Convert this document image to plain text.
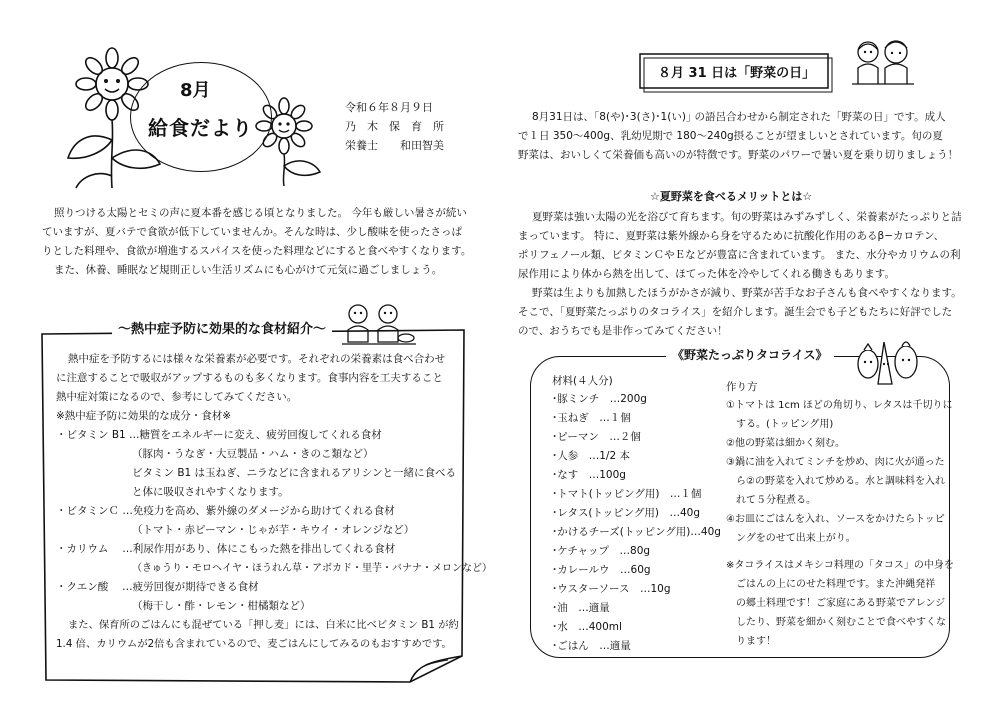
8月
給食だより
令和６年８月９日
乃　木　保　育　所
栄養士　　和田智美
照りつける太陽とセミの声に夏本番を感じる頃となりました。 今年も厳しい暑さが続い
ていますが、夏バテで食欲が低下していませんか。そんな時は、少し酸味を使ったさっぱ
りとした料理や、食欲が増進するスパイスを使った料理などにすると食べやすくなります。
また、休養、睡眠など規則正しい生活リズムにも心がけて元気に過ごしましょう。
～熱中症予防に効果的な食材紹介～
熱中症を予防するには様々な栄養素が必要です。それぞれの栄養素は食べ合わせ
に注意することで吸収がアップするものも多くなります。食事内容を工夫すること
熱中症対策になるので、参考にしてみてください。
※熱中症予防に効果的な成分・食材※
・ビタミン B1 …糖質をエネルギーに変え、疲労回復してくれる食材
（豚肉・うなぎ・大豆製品・ハム・きのこ類など）
ビタミン B1 は玉ねぎ、ニラなどに含まれるアリシンと一緒に食べる
と体に吸収されやすくなります。
・ビタミンＣ …免疫力を高め、紫外線のダメージから助けてくれる食材
（トマト・赤ピーマン・じゃが芋・キウイ・オレンジなど）
・カリウム　 …利尿作用があり、体にこもった熱を排出してくれる食材
（きゅうり・モロヘイヤ・ほうれん草・アボカド・里芋・バナナ・メロンなど）
・クエン酸　 …疲労回復が期待できる食材
（梅干し・酢・レモン・柑橘類など）
また、保育所のごはんにも混ぜている「押し麦」には、白米に比べビタミン B1 が約
1.4 倍、カリウムが2倍も含まれているので、麦ごはんにしてみるのもおすすめです。
８月 31 日は「野菜の日」
8月31日は、｢8(や)･3(さ)･1(い)｣ の語呂合わせから制定された「野菜の日」です。成人
で１日 350～400g、乳幼児期で 180～240g摂ることが望ましいとされています。旬の夏
野菜は、おいしくて栄養価も高いのが特徴です。野菜のパワーで暑い夏を乗り切りましょう！
☆夏野菜を食べるメリットとは☆
夏野菜は強い太陽の光を浴びて育ちます。旬の野菜はみずみずしく、栄養素がたっぷりと詰
まっています。 特に、夏野菜は紫外線から身を守るために抗酸化作用のあるβ−カロテン、
ポリフェノール類、ビタミンＣやＥなどが豊富に含まれています。 また、水分やカリウムの利
尿作用により体から熱を出して、ほてった体を冷やしてくれる働きもあります。
野菜は生よりも加熱したほうがかさが減り、野菜が苦手なお子さんも食べやすくなります。
そこで、「夏野菜たっぷりのタコライス」を紹介します。誕生会でも子どもたちに好評でした
ので、おうちでも是非作ってみてください！
《野菜たっぷりタコライス》
材料(４人分)
･豚ミンチ　…200g
･玉ねぎ　…１個
･ピーマン　…２個
･人参　…1/2 本
･なす　…100g
･トマト(トッピング用)　…１個
･レタス(トッピング用)　…40g
･かけるチーズ(トッピング用)…40g
･ケチャップ　…80g
･カレールウ　…60g
･ウスターソース　…10g
･油　…適量
･水　…400ml
･ごはん　…適量
作り方
①トマトは 1cm ほどの角切り、レタスは千切りに
　する。(トッピング用)
②他の野菜は細かく刻む。
③鍋に油を入れてミンチを炒め、肉に火が通った
　ら②の野菜を入れて炒める。水と調味料を入れ
　れて５分程煮る。
④お皿にごはんを入れ、ソースをかけたらトッピ
　ングをのせて出来上がり。
※タコライスはメキシコ料理の「タコス」の中身を
　ごはんの上にのせた料理です。また沖縄発祥
　の郷土料理です！ご家庭にある野菜でアレンジ
　したり、野菜を細かく刻むことで食べやすくな
　ります！
